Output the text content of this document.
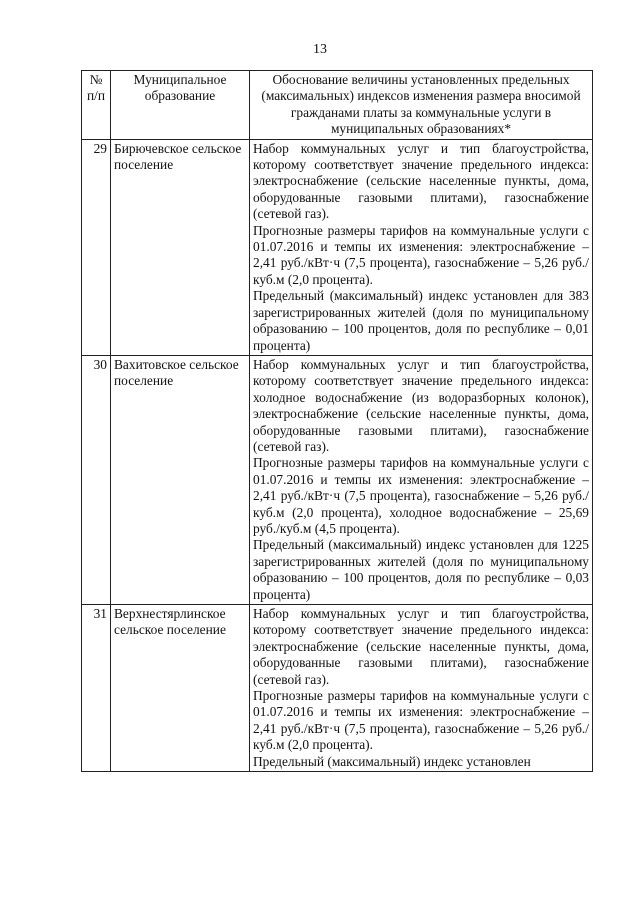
13
№ п/п	Муниципальное образование	Обоснование величины установленных предельных (максимальных) индексов изменения размера вносимой гражданами платы за коммунальные услуги в муниципальных образованиях*
29	Бирючевское сельское поселение	Набор коммунальных услуг и тип благоустройства, которому соответствует значение предельного индекса: электроснабжение (сельские населенные пункты, дома, оборудованные газовыми плитами), газоснабжение (сетевой газ).

Прогнозные размеры тарифов на коммунальные услуги с 01.07.2016 и темпы их изменения: электроснабжение – 2,41 руб./кВт·ч (7,5 процента), газоснабжение – 5,26 руб./куб.м (2,0 процента).

Предельный (максимальный) индекс установлен для 383 зарегистрированных жителей (доля по муниципальному образованию – 100 процентов, доля по республике – 0,01 процента)

30	Вахитовское сельское поселение	Набор коммунальных услуг и тип благоустройства, которому соответствует значение предельного индекса: холодное водоснабжение (из водоразборных колонок), электроснабжение (сельские населенные пункты, дома, оборудованные газовыми плитами), газоснабжение (сетевой газ).

Прогнозные размеры тарифов на коммунальные услуги с 01.07.2016 и темпы их изменения: электроснабжение – 2,41 руб./кВт·ч (7,5 процента), газоснабжение – 5,26 руб./куб.м (2,0 процента), холодное водоснабжение – 25,69 руб./куб.м (4,5 процента).

Предельный (максимальный) индекс установлен для 1225 зарегистрированных жителей (доля по муниципальному образованию – 100 процентов, доля по республике – 0,03 процента)

31	Верхнестярлинское сельское поселение	Набор коммунальных услуг и тип благоустройства, которому соответствует значение предельного индекса: электроснабжение (сельские населенные пункты, дома, оборудованные газовыми плитами), газоснабжение (сетевой газ).

Прогнозные размеры тарифов на коммунальные услуги с 01.07.2016 и темпы их изменения: электроснабжение – 2,41 руб./кВт·ч (7,5 процента), газоснабжение – 5,26 руб./куб.м (2,0 процента).

Предельный (максимальный) индекс установлен
